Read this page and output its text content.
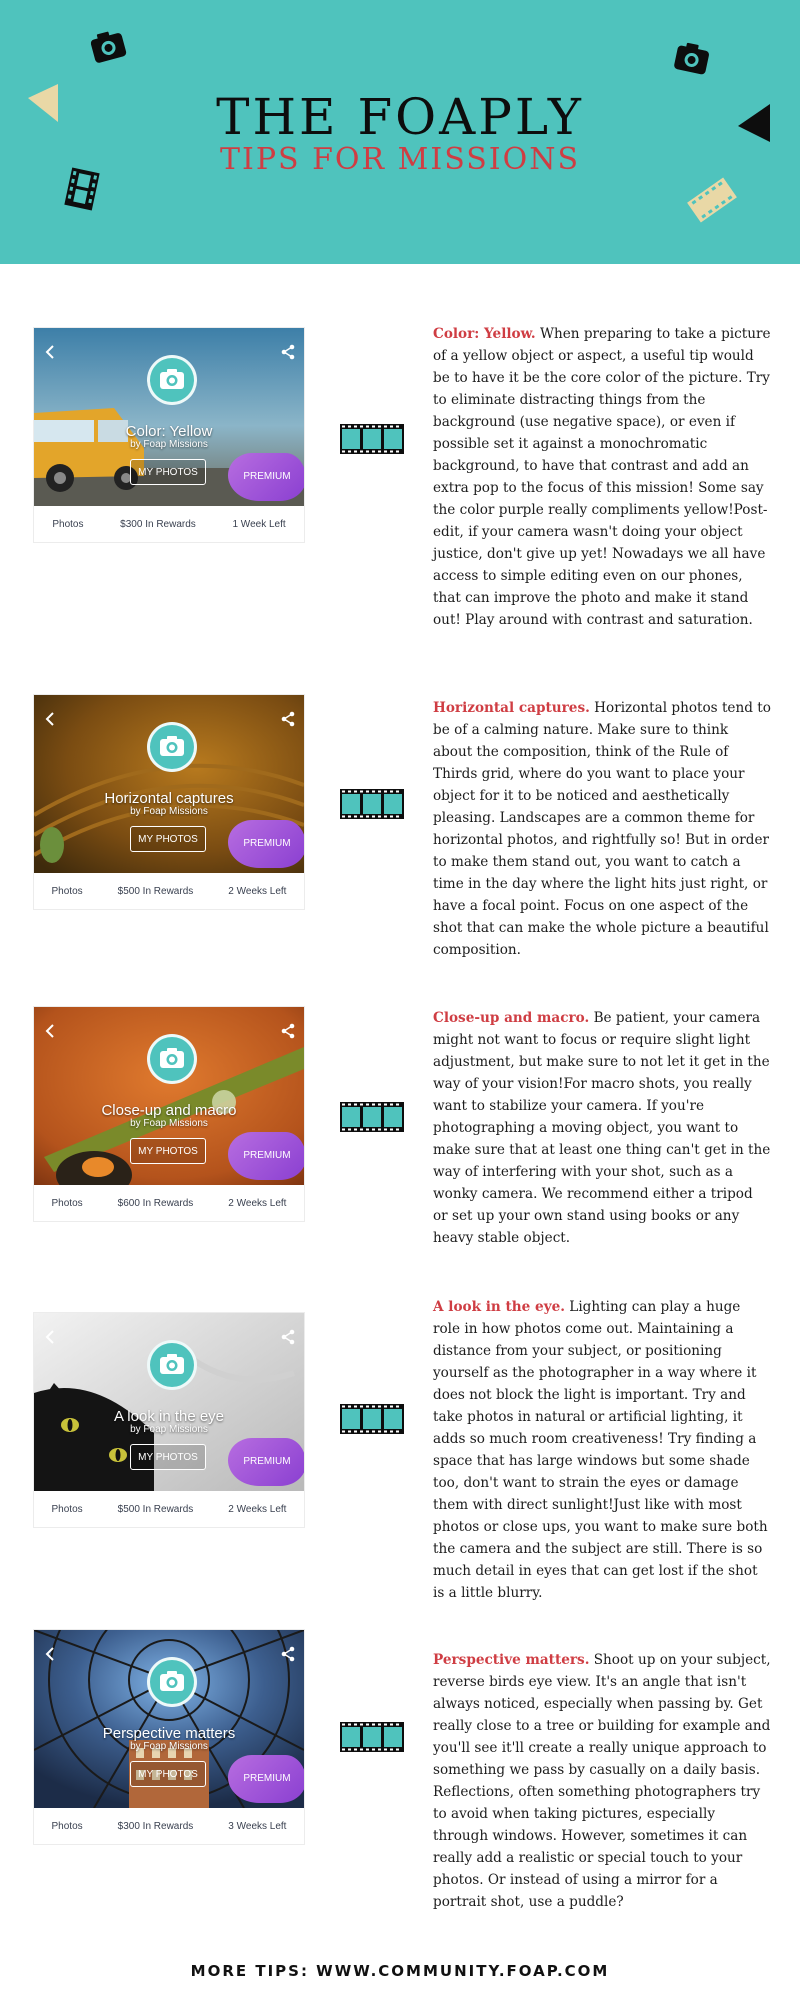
THE FOAPLY
TIPS FOR MISSIONS
Color: Yellow
by Foap Missions
MY PHOTOS	PREMIUM
Photos	$300 In Rewards	1 Week Left
Color: Yellow. When preparing to take a picture of a yellow object or aspect, a useful tip would be to have it be the core color of the picture. Try to eliminate distracting things from the background (use negative space), or even if possible set it against a monochromatic background, to have that contrast and add an extra pop to the focus of this mission! Some say the color purple really compliments yellow!Post-edit, if your camera wasn't doing your object justice, don't give up yet! Nowadays we all have access to simple editing even on our phones, that can improve the photo and make it stand out! Play around with contrast and saturation.
Horizontal captures
by Foap Missions
MY PHOTOS	PREMIUM
Photos	$500 In Rewards	2 Weeks Left
Horizontal captures. Horizontal photos tend to be of a calming nature. Make sure to think about the composition, think of the Rule of Thirds grid, where do you want to place your object for it to be noticed and aesthetically pleasing. Landscapes are a common theme for horizontal photos, and rightfully so! But in order to make them stand out, you want to catch a time in the day where the light hits just right, or have a focal point. Focus on one aspect of the shot that can make the whole picture a beautiful composition.
Close-up and macro
by Foap Missions
MY PHOTOS	PREMIUM
Photos	$600 In Rewards	2 Weeks Left
Close-up and macro. Be patient, your camera might not want to focus or require slight light adjustment, but make sure to not let it get in the way of your vision!For macro shots, you really want to stabilize your camera. If you're photographing a moving object, you want to make sure that at least one thing can't get in the way of interfering with your shot, such as a wonky camera. We recommend either a tripod or set up your own stand using books or any heavy stable object.
A look in the eye
by Foap Missions
MY PHOTOS	PREMIUM
Photos	$500 In Rewards	2 Weeks Left
A look in the eye. Lighting can play a huge role in how photos come out. Maintaining a distance from your subject, or positioning yourself as the photographer in a way where it does not block the light is important. Try and take photos in natural or artificial lighting, it adds so much room creativeness! Try finding a space that has large windows but some shade too, don't want to strain the eyes or damage them with direct sunlight!Just like with most photos or close ups, you want to make sure both the camera and the subject are still. There is so much detail in eyes that can get lost if the shot is a little blurry.
Perspective matters
by Foap Missions
MY PHOTOS	PREMIUM
Photos	$300 In Rewards	3 Weeks Left
Perspective matters. Shoot up on your subject, reverse birds eye view. It's an angle that isn't always noticed, especially when passing by. Get really close to a tree or building for example and you'll see it'll create a really unique approach to something we pass by casually on a daily basis. Reflections, often something photographers try to avoid when taking pictures, especially through windows. However, sometimes it can really add a realistic or special touch to your photos. Or instead of using a mirror for a portrait shot, use a puddle?
MORE TIPS: WWW.COMMUNITY.FOAP.COM
